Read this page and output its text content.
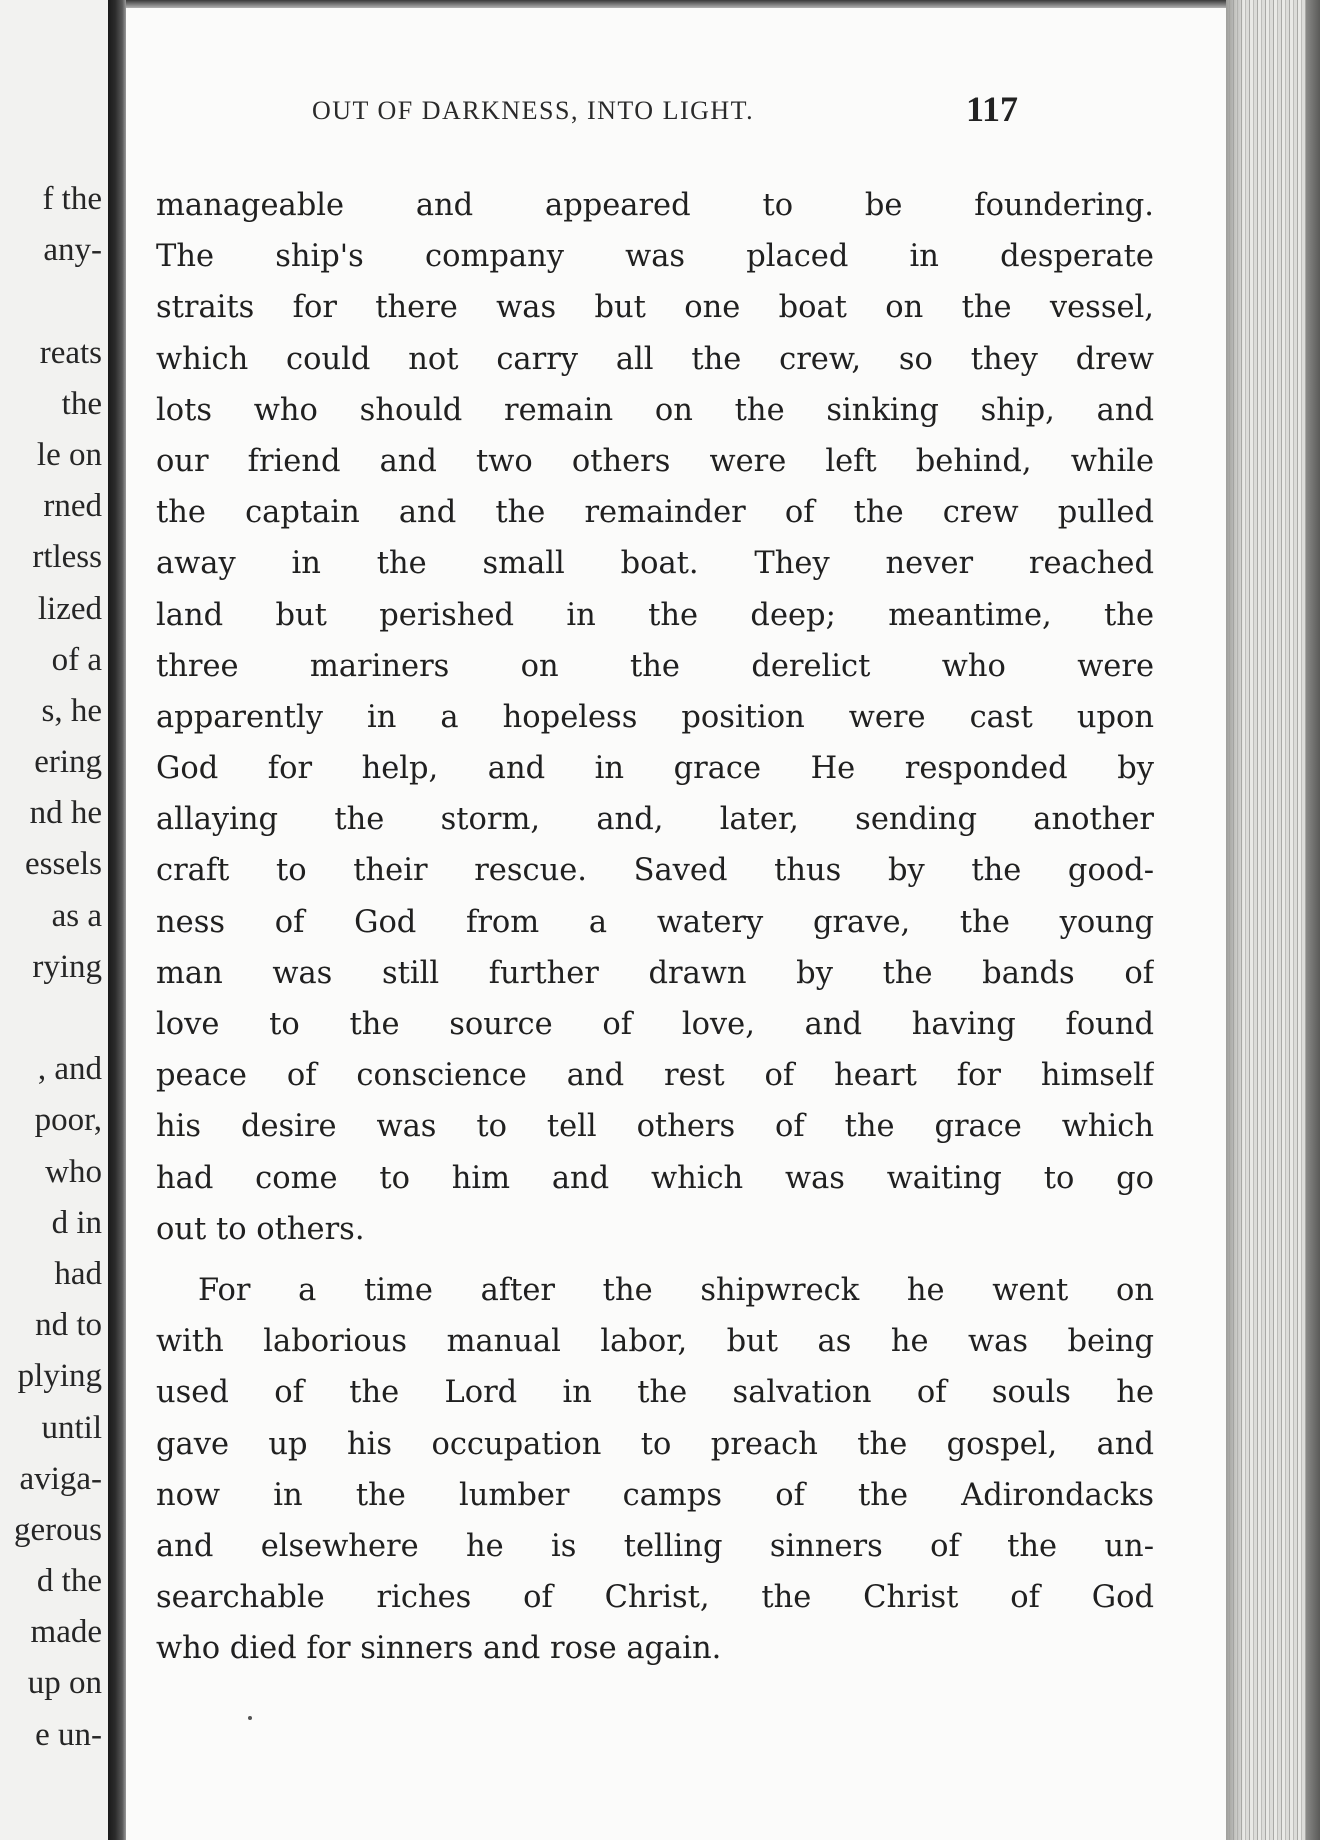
f the
any-
reats
the
le on
rned
rtless
lized
of a
s, he
ering
nd he
essels
as a
rying
, and
poor,
who
d in
had
nd to
plying
until
aviga-
gerous
d the
made
up on
e un-
OUT OF DARKNESS, INTO LIGHT.	117
manageable and appeared to be foundering.
The ship's company was placed in desperate
straits for there was but one boat on the vessel,
which could not carry all the crew, so they drew
lots who should remain on the sinking ship, and
our friend and two others were left behind, while
the captain and the remainder of the crew pulled
away in the small boat. They never reached
land but perished in the deep; meantime, the
three mariners on the derelict who were
apparently in a hopeless position were cast upon
God for help, and in grace He responded by
allaying the storm, and, later, sending another
craft to their rescue. Saved thus by the good-
ness of God from a watery grave, the young
man was still further drawn by the bands of
love to the source of love, and having found
peace of conscience and rest of heart for himself
his desire was to tell others of the grace which
had come to him and which was waiting to go
out to others.
For a time after the shipwreck he went on
with laborious manual labor, but as he was being
used of the Lord in the salvation of souls he
gave up his occupation to preach the gospel, and
now in the lumber camps of the Adirondacks
and elsewhere he is telling sinners of the un-
searchable riches of Christ, the Christ of God
who died for sinners and rose again.
